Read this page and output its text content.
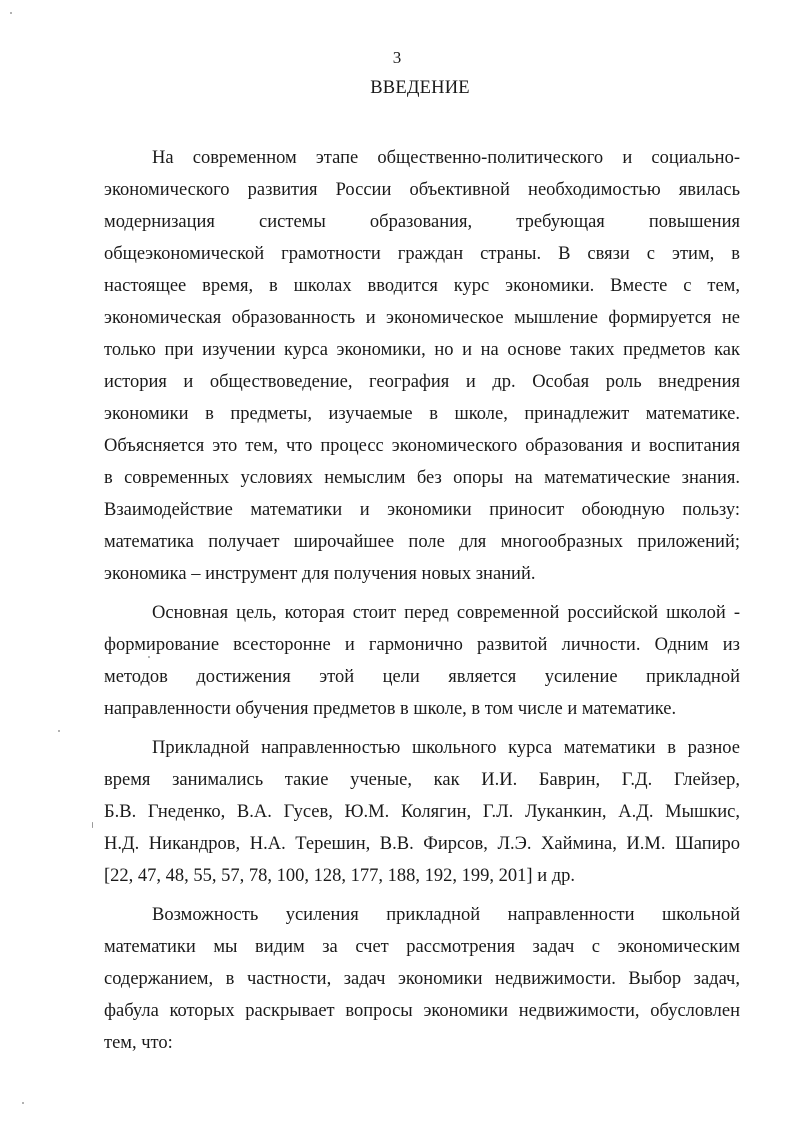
3
ВВЕДЕНИЕ
На современном этапе общественно-политического и социально-
экономического развития России объективной необходимостью явилась
модернизация системы образования, требующая повышения
общеэкономической грамотности граждан страны. В связи с этим, в
настоящее время, в школах вводится курс экономики. Вместе с тем,
экономическая образованность и экономическое мышление формируется не
только при изучении курса экономики, но и на основе таких предметов как
история и обществоведение, география и др. Особая роль внедрения
экономики в предметы, изучаемые в школе, принадлежит математике.
Объясняется это тем, что процесс экономического образования и воспитания
в современных условиях немыслим без опоры на математические знания.
Взаимодействие математики и экономики приносит обоюдную пользу:
математика получает широчайшее поле для многообразных приложений;
экономика – инструмент для получения новых знаний.
Основная цель, которая стоит перед современной российской школой -
формирование всесторонне и гармонично развитой личности. Одним из
методов достижения этой цели является усиление прикладной
направленности обучения предметов в школе, в том числе и математике.
Прикладной направленностью школьного курса математики в разное
время занимались такие ученые, как И.И. Баврин, Г.Д. Глейзер,
Б.В. Гнеденко, В.А. Гусев, Ю.М. Колягин, Г.Л. Луканкин, А.Д. Мышкис,
Н.Д. Никандров, Н.А. Терешин, В.В. Фирсов, Л.Э. Хаймина, И.М. Шапиро
[22, 47, 48, 55, 57, 78, 100, 128, 177, 188, 192, 199, 201] и др.
Возможность усиления прикладной направленности школьной
математики мы видим за счет рассмотрения задач с экономическим
содержанием, в частности, задач экономики недвижимости. Выбор задач,
фабула которых раскрывает вопросы экономики недвижимости, обусловлен
тем, что:
